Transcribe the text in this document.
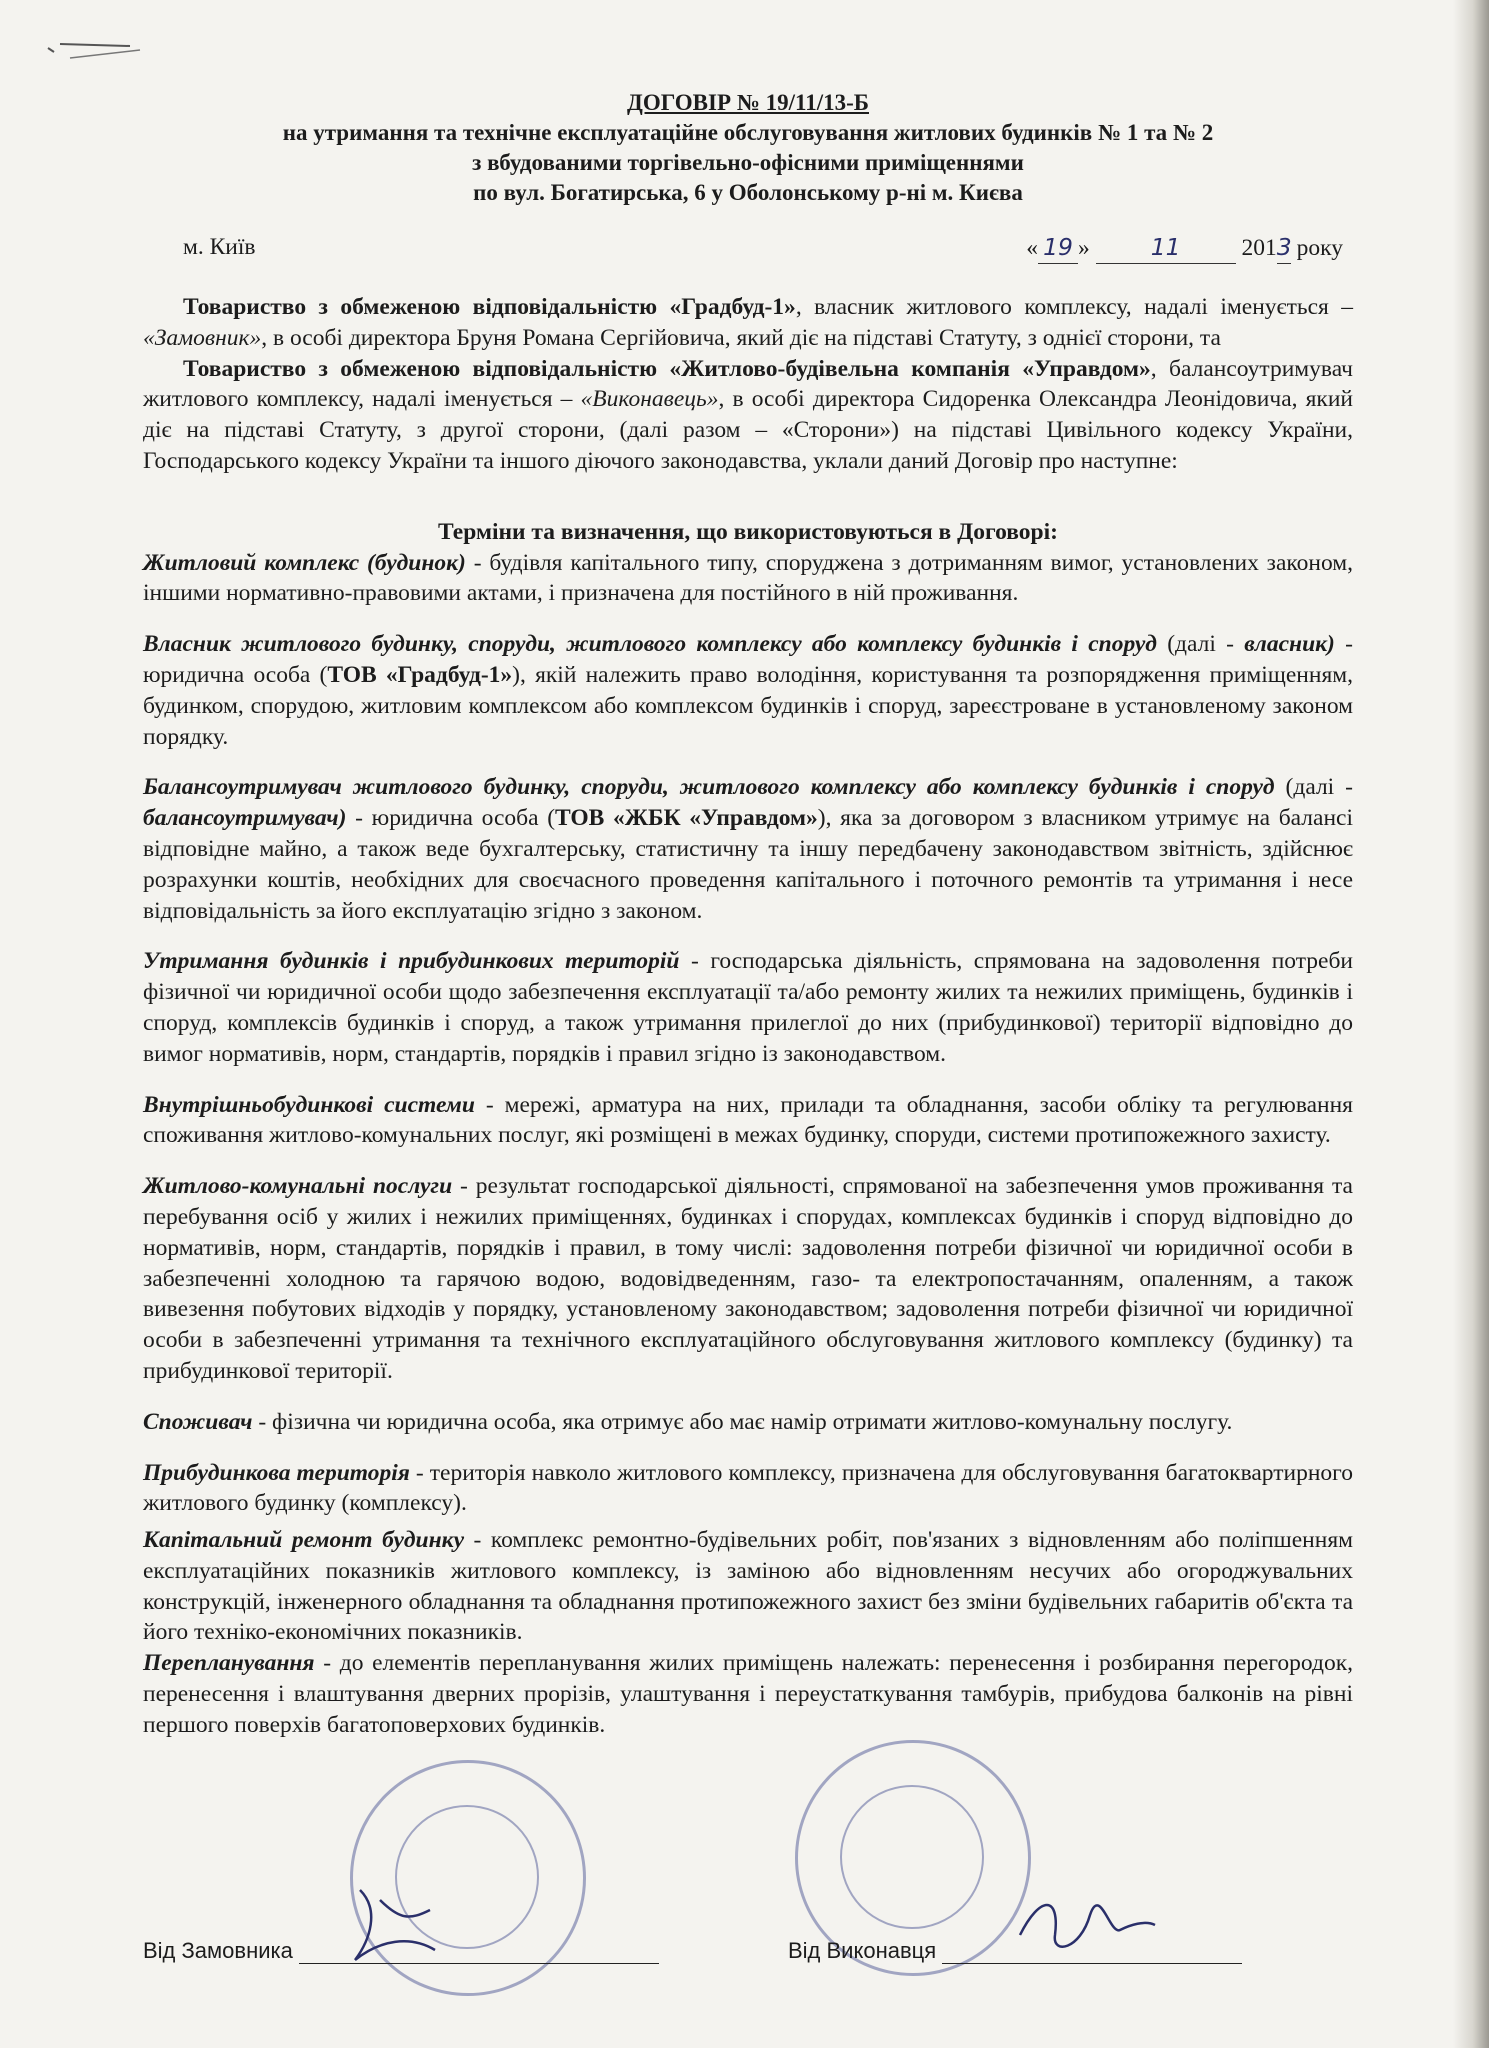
ДОГОВІР № 19/11/13-Б
на утримання та технічне експлуатаційне обслуговування житлових будинків № 1 та № 2
з вбудованими торгівельно-офісними приміщеннями
по вул. Богатирська, 6 у Оболонському р-ні м. Києва
м. Київ	« 19 »	11	2013 року

Товариство з обмеженою відповідальністю «Градбуд-1», власник житлового комплексу, надалі іменується – «Замовник», в особі директора Бруня Романа Сергійовича, який діє на підставі Статуту, з однієї сторони, та

Товариство з обмеженою відповідальністю «Житлово-будівельна компанія «Управдом», балансоутримувач житлового комплексу, надалі іменується – «Виконавець», в особі директора Сидоренка Олександра Леонідовича, який діє на підставі Статуту, з другої сторони, (далі разом – «Сторони») на підставі Цивільного кодексу України, Господарського кодексу України та іншого діючого законодавства, уклали даний Договір про наступне:

Терміни та визначення, що використовуються в Договорі:

Житловий комплекс (будинок) - будівля капітального типу, споруджена з дотриманням вимог, установлених законом, іншими нормативно-правовими актами, і призначена для постійного в ній проживання.

Власник житлового будинку, споруди, житлового комплексу або комплексу будинків і споруд (далі - власник) - юридична особа (ТОВ «Градбуд-1»), якій належить право володіння, користування та розпорядження приміщенням, будинком, спорудою, житловим комплексом або комплексом будинків і споруд, зареєстроване в установленому законом порядку.

Балансоутримувач житлового будинку, споруди, житлового комплексу або комплексу будинків і споруд (далі - балансоутримувач) - юридична особа (ТОВ «ЖБК «Управдом»), яка за договором з власником утримує на балансі відповідне майно, а також веде бухгалтерську, статистичну та іншу передбачену законодавством звітність, здійснює розрахунки коштів, необхідних для своєчасного проведення капітального і поточного ремонтів та утримання і несе відповідальність за його експлуатацію згідно з законом.

Утримання будинків і прибудинкових територій - господарська діяльність, спрямована на задоволення потреби фізичної чи юридичної особи щодо забезпечення експлуатації та/або ремонту жилих та нежилих приміщень, будинків і споруд, комплексів будинків і споруд, а також утримання прилеглої до них (прибудинкової) території відповідно до вимог нормативів, норм, стандартів, порядків і правил згідно із законодавством.

Внутрішньобудинкові системи - мережі, арматура на них, прилади та обладнання, засоби обліку та регулювання споживання житлово-комунальних послуг, які розміщені в межах будинку, споруди, системи протипожежного захисту.

Житлово-комунальні послуги - результат господарської діяльності, спрямованої на забезпечення умов проживання та перебування осіб у жилих і нежилих приміщеннях, будинках і спорудах, комплексах будинків і споруд відповідно до нормативів, норм, стандартів, порядків і правил, в тому числі: задоволення потреби фізичної чи юридичної особи в забезпеченні холодною та гарячою водою, водовідведенням, газо- та електропостачанням, опаленням, а також вивезення побутових відходів у порядку, установленому законодавством; задоволення потреби фізичної чи юридичної особи в забезпеченні утримання та технічного експлуатаційного обслуговування житлового комплексу (будинку) та прибудинкової території.

Споживач - фізична чи юридична особа, яка отримує або має намір отримати житлово-комунальну послугу.

Прибудинкова територія - територія навколо житлового комплексу, призначена для обслуговування багатоквартирного житлового будинку (комплексу).

Капітальний ремонт будинку - комплекс ремонтно-будівельних робіт, пов'язаних з відновленням або поліпшенням експлуатаційних показників житлового комплексу, із заміною або відновленням несучих або огороджувальних конструкцій, інженерного обладнання та обладнання протипожежного захист без зміни будівельних габаритів об'єкта та його техніко-економічних показників.

Перепланування - до елементів перепланування жилих приміщень належать: перенесення і розбирання перегородок, перенесення і влаштування дверних прорізів, улаштування і переустаткування тамбурів, прибудова балконів на рівні першого поверхів багатоповерхових будинків.

Від Замовника	Від Виконавця
